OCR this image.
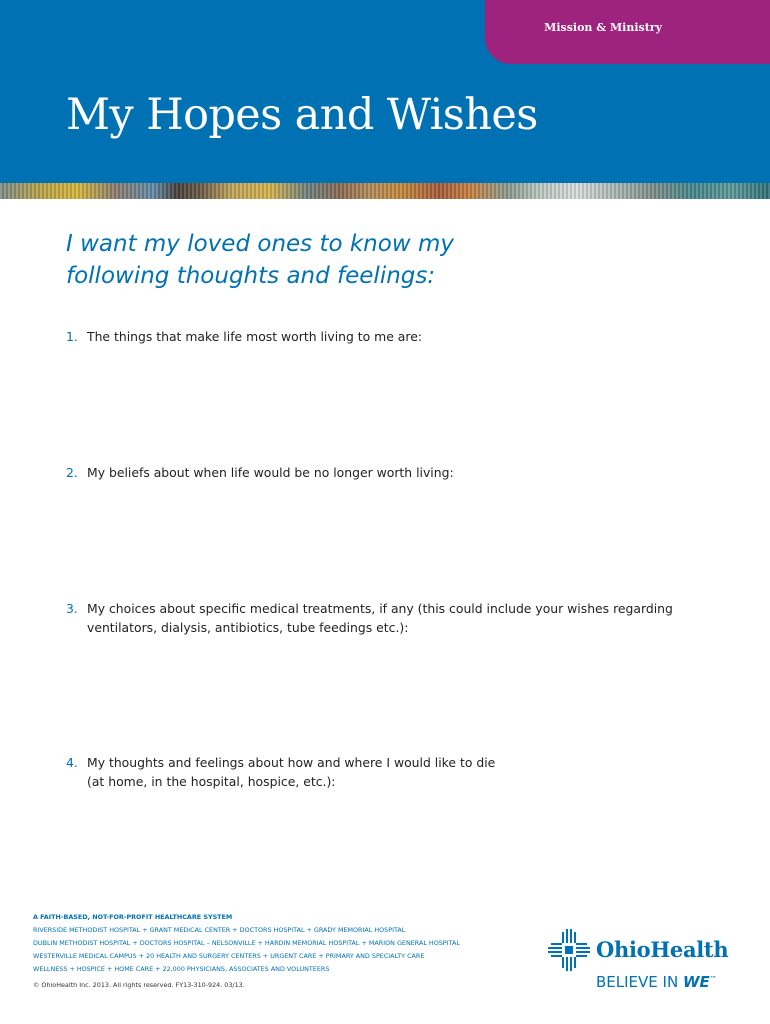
Mission & Ministry
My Hopes and Wishes
I want my loved ones to know my
following thoughts and feelings:
1. The things that make life most worth living to me are:
2. My beliefs about when life would be no longer worth living:
3. My choices about specific medical treatments, if any (this could include your wishes regarding
ventilators, dialysis, antibiotics, tube feedings etc.):
4. My thoughts and feelings about how and where I would like to die
(at home, in the hospital, hospice, etc.):
A FAITH-BASED, NOT-FOR-PROFIT HEALTHCARE SYSTEM
RIVERSIDE METHODIST HOSPITAL + GRANT MEDICAL CENTER + DOCTORS HOSPITAL + GRADY MEMORIAL HOSPITAL
DUBLIN METHODIST HOSPITAL + DOCTORS HOSPITAL – NELSONVILLE + HARDIN MEMORIAL HOSPITAL + MARION GENERAL HOSPITAL
WESTERVILLE MEDICAL CAMPUS + 20 HEALTH AND SURGERY CENTERS + URGENT CARE + PRIMARY AND SPECIALTY CARE
WELLNESS + HOSPICE + HOME CARE + 22,000 PHYSICIANS, ASSOCIATES AND VOLUNTEERS
© OhioHealth Inc. 2013. All rights reserved. FY13-310-924. 03/13.
OhioHealth
BELIEVE IN WE™
